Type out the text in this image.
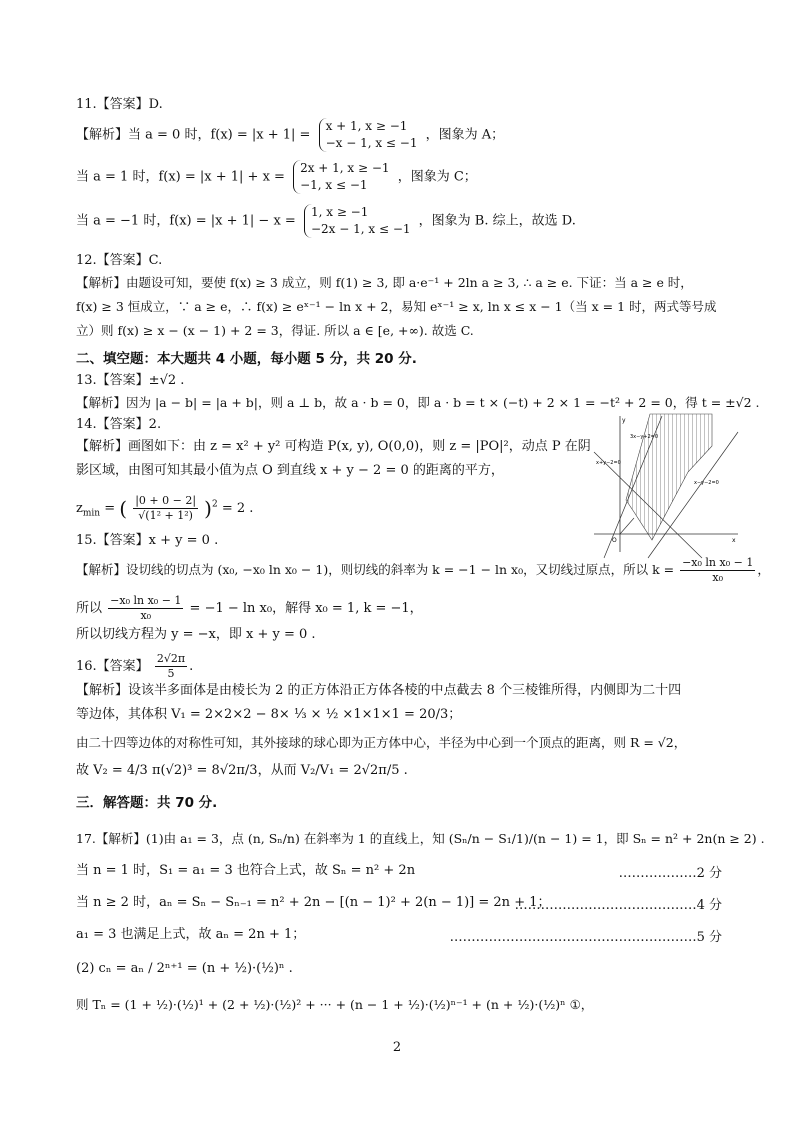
11.【答案】D.
【解析】当 a = 0 时，f(x) = |x + 1| =
x + 1, x ≥ −1
−x − 1, x ≤ −1
，图象为 A；
当 a = 1 时，f(x) = |x + 1| + x =
2x + 1, x ≥ −1
−1, x ≤ −1
，图象为 C；
当 a = −1 时，f(x) = |x + 1| − x =
1, x ≥ −1
−2x − 1, x ≤ −1
，图象为 B. 综上，故选 D.
12.【答案】C.
【解析】由题设可知，要使 f(x) ≥ 3 成立，则 f(1) ≥ 3, 即 a·e⁻¹ + 2ln a ≥ 3, ∴ a ≥ e. 下证：当 a ≥ e 时，
f(x) ≥ 3 恒成立，∵ a ≥ e，∴ f(x) ≥ eˣ⁻¹ − ln x + 2，易知 eˣ⁻¹ ≥ x, ln x ≤ x − 1（当 x = 1 时，两式等号成
立）则 f(x) ≥ x − (x − 1) + 2 = 3，得证. 所以 a ∈ [e, +∞). 故选 C.
二、填空题：本大题共 4 小题，每小题 5 分，共 20 分.
13.【答案】±√2 .
【解析】因为 |a − b| = |a + b|，则 a ⊥ b，故 a · b = 0，即 a · b = t × (−t) + 2 × 1 = −t² + 2 = 0，得 t = ±√2 .
14.【答案】2.
【解析】画图如下：由 z = x² + y² 可构造 P(x, y), O(0,0)，则 z = |PO|²，动点 P 在阴
影区域，由图可知其最小值为点 O 到直线 x + y − 2 = 0 的距离的平方，
$z_{min}$ = ( $\frac{|0 + 0 - 2|}{\text{√(1² + 1²)}} )^2 = 2$ .
y
x
O
3x−y+2=0
x+y−2=0
x−y−2=0
15.【答案】x + y = 0 .
【解析】设切线的切点为 (x₀, −x₀ ln x₀ − 1)，则切线的斜率为 k = −1 − ln x₀，又切线过原点，所以 $k = \frac{\text{−x₀ ln x₀ − 1}}{\text{x₀}}$ ，
所以 $\frac{\text{−x₀ ln x₀ − 1}}{\text{x₀}} = -1 - \ln x_0$，解得 x₀ = 1, k = −1，
所以切线方程为 y = −x，即 x + y = 0 .
16.【答案】 $\frac{2√2\pi}{5}$ .
【解析】设该半多面体是由棱长为 2 的正方体沿正方体各棱的中点截去 8 个三棱锥所得，内侧即为二十四
等边体，其体积 V₁ = 2×2×2 − 8× ⅓ × ½ ×1×1×1 = 20/3；
由二十四等边体的对称性可知，其外接球的球心即为正方体中心，半径为中心到一个顶点的距离，则 R = √2，
故 V₂ = 4/3 π(√2)³ = 8√2π/3，从而 V₂/V₁ = 2√2π/5 .
三．解答题：共 70 分.
17.【解析】(1)由 a₁ = 3，点 (n, Sₙ/n) 在斜率为 1 的直线上，知 (Sₙ/n − S₁/1)/(n − 1) = 1，即 Sₙ = n² + 2n(n ≥ 2) .
当 n = 1 时，S₁ = a₁ = 3 也符合上式，故 Sₙ = n² + 2n	………………2 分
当 n ≥ 2 时，aₙ = Sₙ − Sₙ₋₁ = n² + 2n − [(n − 1)² + 2(n − 1)] = 2n + 1；
……………………………………4 分
a₁ = 3 也满足上式，故 aₙ = 2n + 1；	…………………………………………………5 分
(2) cₙ = aₙ / 2ⁿ⁺¹ = (n + ½)·(½)ⁿ .
则 Tₙ = (1 + ½)·(½)¹ + (2 + ½)·(½)² + ··· + (n − 1 + ½)·(½)ⁿ⁻¹ + (n + ½)·(½)ⁿ ①，
2
